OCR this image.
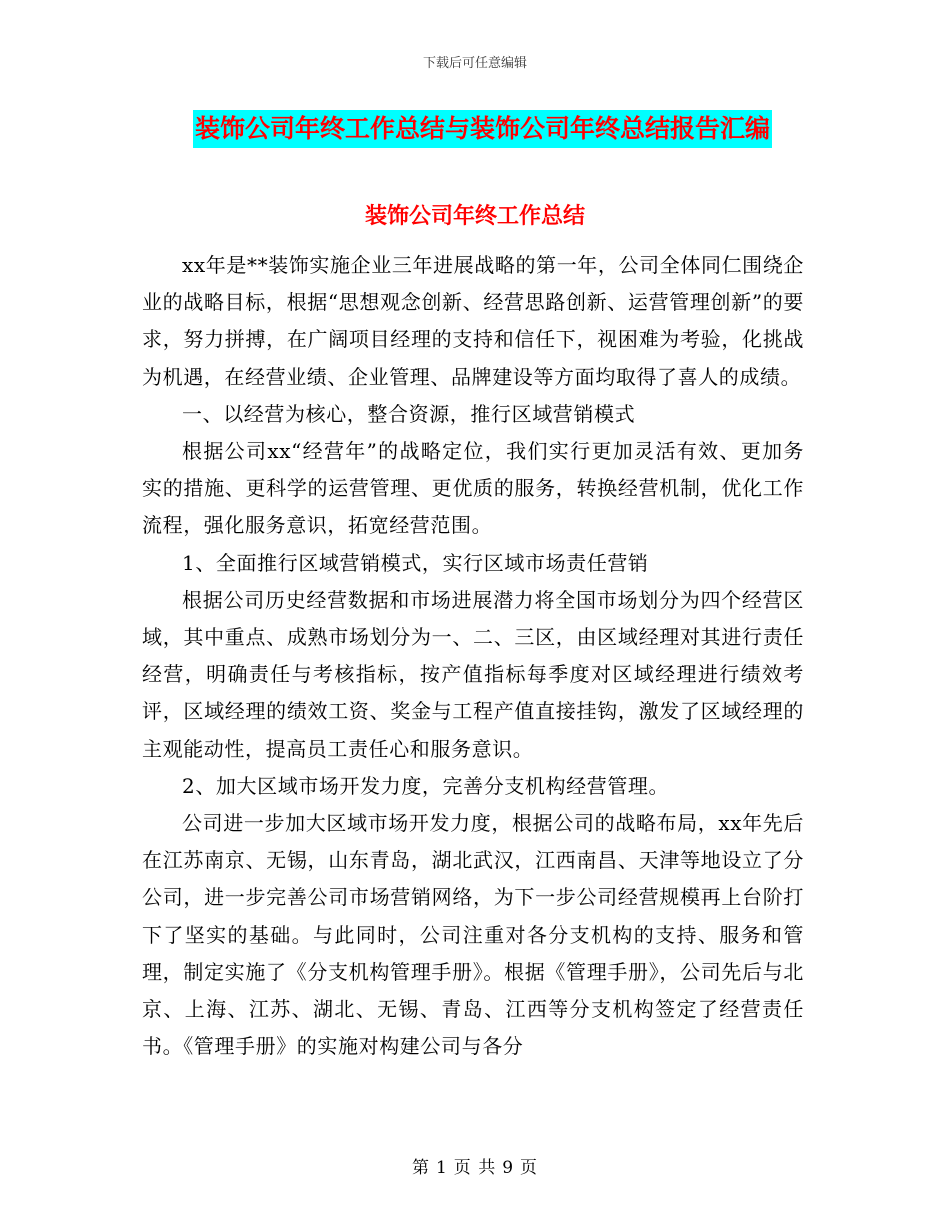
下载后可任意编辑
装饰公司年终工作总结与装饰公司年终总结报告汇编
装饰公司年终工作总结

xx年是**装饰实施企业三年进展战略的第一年，公司全体同仁围绕企业的战略目标，根据“思想观念创新、经营思路创新、运营管理创新”的要求，努力拼搏，在广阔项目经理的支持和信任下，视困难为考验，化挑战为机遇，在经营业绩、企业管理、品牌建设等方面均取得了喜人的成绩。

一、以经营为核心，整合资源，推行区域营销模式

根据公司xx“经营年”的战略定位，我们实行更加灵活有效、更加务实的措施、更科学的运营管理、更优质的服务，转换经营机制，优化工作流程，强化服务意识，拓宽经营范围。

1、全面推行区域营销模式，实行区域市场责任营销

根据公司历史经营数据和市场进展潜力将全国市场划分为四个经营区域，其中重点、成熟市场划分为一、二、三区，由区域经理对其进行责任经营，明确责任与考核指标，按产值指标每季度对区域经理进行绩效考评，区域经理的绩效工资、奖金与工程产值直接挂钩，激发了区域经理的主观能动性，提高员工责任心和服务意识。

2、加大区域市场开发力度，完善分支机构经营管理。

公司进一步加大区域市场开发力度，根据公司的战略布局，xx年先后在江苏南京、无锡，山东青岛，湖北武汉，江西南昌、天津等地设立了分公司，进一步完善公司市场营销网络，为下一步公司经营规模再上台阶打下了坚实的基础。与此同时，公司注重对各分支机构的支持、服务和管理，制定实施了《分支机构管理手册》。根据《管理手册》，公司先后与北京、上海、江苏、湖北、无锡、青岛、江西等分支机构签定了经营责任书。《管理手册》的实施对构建公司与各分

第 1 页 共 9 页
